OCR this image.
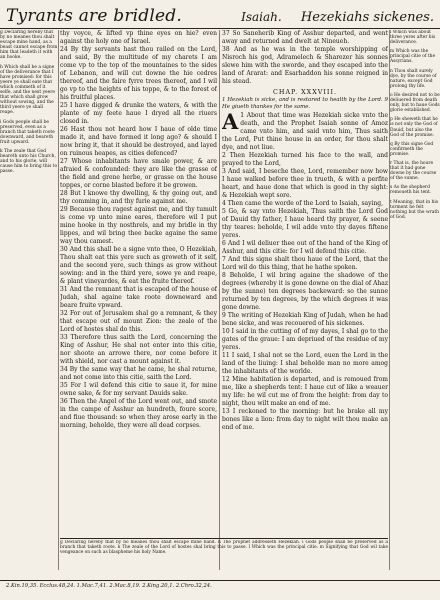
Tyrants are bridled.	Isaiah. Hezekiahs sickenes.
g Declaring hereby that by no meanes thou shalt escape mine hand, as a beast cannot escape from him that leadeth it with an hooke.
h Which shall be a signe of the deliverance that I have promised: for this yeere ye shall eate that which commeth of it selfe, and the next yeere that which shall grow without sowing, and the third yeere ye shall reape.
i Gods people shall be preserved, even as a branch that taketh roote downward, and beareth fruit upward.
k The zeale that God beareth unto his Church, and to his glorie, will cause him to bring this to passe.

thy voyce, & lifted vp thine eyes on hie? even against the holy one of Israel.

24 By thy servants hast thou railed on the Lord, and said, By the multitude of my charets I am come vp to the top of the mountaines to the sides of Lebanon, and will cut downe the hie cedres thereof, and the faire fyrre trees thereof, and I wil go vp to the heights of his toppe, & to the forest of his fruitful places.

25 I have digged & drunke the waters, & with the plante of my feete haue I dryed all the riuers closed in.

26 Hast thou not heard how I haue of olde time made it, and have formed it long ago? & should I now bring it, that it should be destroyed, and layed on ruinous heapes, as cities defenced?

27 Whose inhabitants have smale power, & are afraied & confounded: they are like the grasse of the field and grene herbe, or grasse on the house toppes, or corne blasted before it be growen.

28 But I knowe thy dwelling, & thy going out, and thy comming in, and thy furie against me.

29 Because thou ragest against me, and thy tumult is come vp unto mine eares, therefore wil I put mine hooke in thy nosthrels, and my bridle in thy lippes, and wil bring thee backe againe the same way thou camest.

30 And this shall be a signe vnto thee, O Hezekiah, Thou shalt eat this yere such as groweth of it self, and the second yere, such things as grow without sowing: and in the third yere, sowe ye and reape, & plant vineyardes, & eat the fruite thereof.

31 And the remnant that is escaped of the house of Judah, shal againe take roote downeward and beare fruite vpward.

32 For out of Jerusalem shal go a remnant, & they that escape out of mount Zion: the zeale of the Lord of hostes shal do this.

33 Therefore thus saith the Lord, concerning the King of Asshur, He shal not enter into this citie, nor shoote an arrowe there, nor come before it with shield, nor cast a mount against it.

34 By the same way that he came, he shal returne, and not come into this citie, saith the Lord.

35 For I wil defend this citie to saue it, for mine owne sake, & for my servant Dauids sake.

36 Then the Angel of the Lord went out, and smote in the campe of Asshur an hundreth, foure score, and fiue thousand: so when they arose early in the morning, beholde, they were all dead corpses.

37 So Saneherib King of Asshur departed, and went away and returned and dwelt at Nineueh.

38 And as he was in the temple worshipping of Nisroch his god, Adramelech & Sharezer his sonnes slewe him with the sworde, and they escaped into the land of Ararat: and Esarhaddon his sonne reigned in his stead.

CHAP. XXXVIII.
1 Hezekiah is sicke, and is restored to health by the Lord. 9 He giueth thankes for the same.

A 1 About that time was Hezekiah sicke vnto the death, and the Prophet Isaiah sonne of Amoz came vnto him, and said vnto him, Thus saith the Lord, Put thine house in an order, for thou shalt dye, and not liue.

2 Then Hezekiah turned his face to the wall, and prayed to the Lord,

3 And said, I beseche thee, Lord, remember now how I haue walked before thee in trueth, & with a perfite heart, and haue done that which is good in thy sight: & Hezekiah wept sore.

4 Then came the worde of the Lord to Isaiah, saying,

5 Go, & say vnto Hezekiah, Thus saith the Lord God of Dauid thy father, I haue heard thy prayer, & seene thy teares: beholde, I wil adde vnto thy dayes fiftene yeres.

6 And I wil deliuer thee out of the hand of the King of Asshur, and this citie: for I wil defend this citie.

7 And this signe shalt thou haue of the Lord, that the Lord wil do this thing, that he hathe spoken.

8 Beholde, I wil bring againe the shadowe of the degrees (whereby it is gone downe on the dial of Ahaz by the sunne) ten degrees backeward: so the sunne returned by ten degrees, by the which degrees it was gone downe.

9 The writing of Hezekiah King of Judah, when he had bene sicke, and was recouered of his sickenes.

10 I said in the cutting of of my dayes, I shal go to the gates of the graue: I am depriued of the residue of my yeres.

11 I said, I shal not se the Lord, euen the Lord in the land of the liuing: I shal beholde man no more amog the inhabitants of the worlde.

12 Mine habitation is departed, and is remoued from me, like a shepherds tent: I haue cut of like a weauer my life: he wil cut me of from the height: from day to night, thou wilt make an end of me.

13 I reckoned to the morning: but he brake all my bones like a lion: from day to night wilt thou make an end of me.

l Which was about three yeres after his deliverance.
m Which was the principal citie of the Assyrians.
n Thou shalt surely dye, by the course of nature, except God prolong thy life.
o He desired not to be deliuered from death only, but to haue Gods glorie established.
p He sheweth that he is not only the God of Dauid, but also the God of the promise.
q By this signe God confirmeth the promise.
r That is, the houre that it had gone downe by the course of the sunne.
s As the shepherd remoueth his tent.
t Meaning, that in his torment he felt nothing but the wrath of God.
g Declaring hereby that by no meanes thou shalt escape mine hand. h The prophet addresseth Hezekiah. i Gods people shall be preserved as a branch that taketh roote. k The zeale of the Lord of hostes shal bring this to passe. l Which was the principal citie. m Signifying that God wil take vengeance on such as blaspheme his holy Name.
2.Kin.19,35. Ecclus.48,24. 1.Mac.7,41. 2.Mac.8,19. 2.King.20,1. 2.Chro.32,24.
